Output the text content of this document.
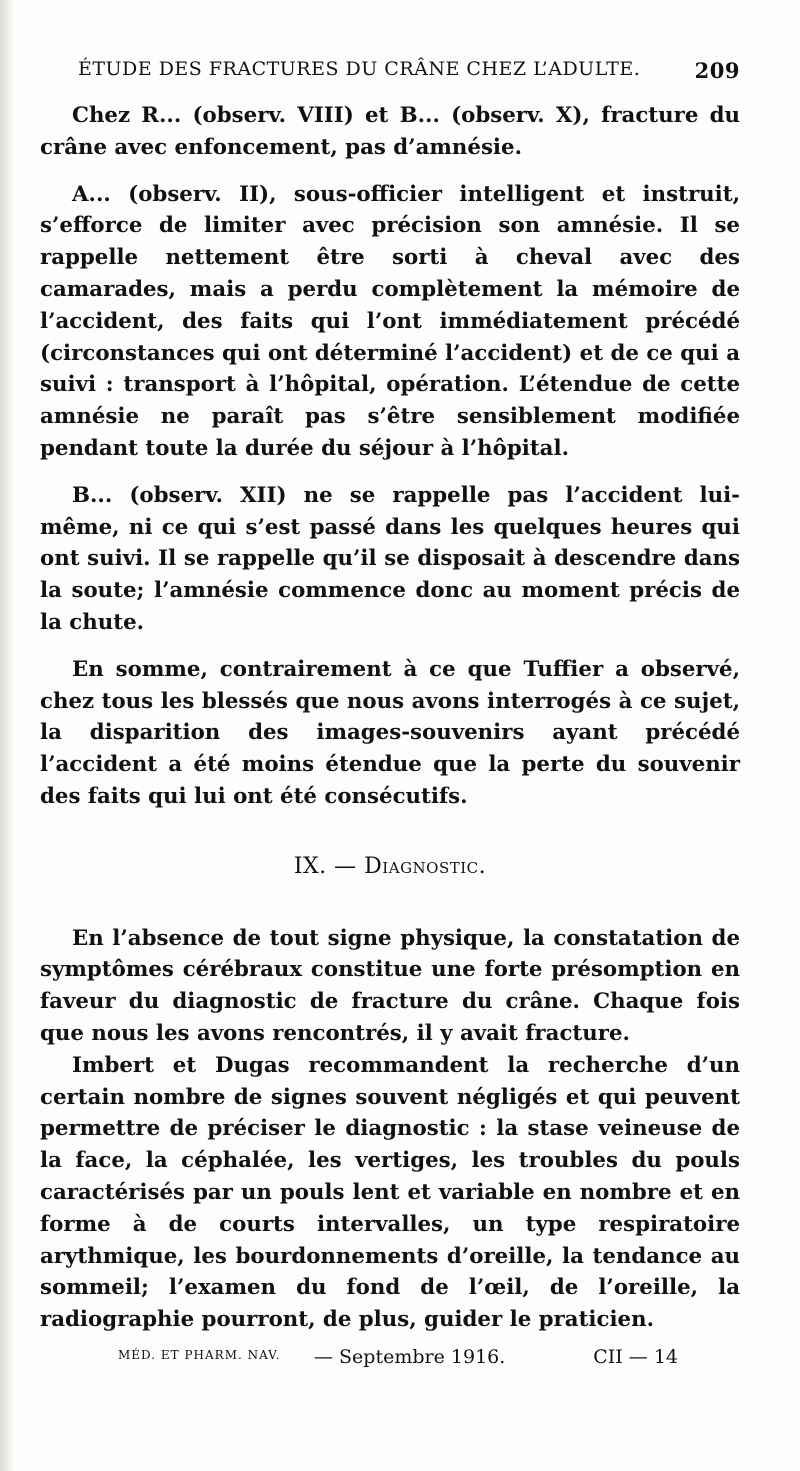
ÉTUDE DES FRACTURES DU CRÂNE CHEZ L’ADULTE.	209

Chez R... (observ. VIII) et B... (observ. X), fracture du crâne avec enfoncement, pas d’amnésie.

A... (observ. II), sous-officier intelligent et instruit, s’efforce de limiter avec précision son amnésie. Il se rappelle nettement être sorti à cheval avec des camarades, mais a perdu complètement la mémoire de l’accident, des faits qui l’ont immédiatement précédé (circonstances qui ont déterminé l’accident) et de ce qui a suivi : transport à l’hôpital, opération. L’étendue de cette amnésie ne paraît pas s’être sensiblement modifiée pendant toute la durée du séjour à l’hôpital.

B... (observ. XII) ne se rappelle pas l’accident lui-même, ni ce qui s’est passé dans les quelques heures qui ont suivi. Il se rappelle qu’il se disposait à descendre dans la soute; l’amnésie commence donc au moment précis de la chute.

En somme, contrairement à ce que Tuffier a observé, chez tous les blessés que nous avons interrogés à ce sujet, la disparition des images-souvenirs ayant précédé l’accident a été moins étendue que la perte du souvenir des faits qui lui ont été consécutifs.

IX. — Diagnostic.

En l’absence de tout signe physique, la constatation de symptômes cérébraux constitue une forte présomption en faveur du diagnostic de fracture du crâne. Chaque fois que nous les avons rencontrés, il y avait fracture.

Imbert et Dugas recommandent la recherche d’un certain nombre de signes souvent négligés et qui peuvent permettre de préciser le diagnostic : la stase veineuse de la face, la céphalée, les vertiges, les troubles du pouls caractérisés par un pouls lent et variable en nombre et en forme à de courts intervalles, un type respiratoire arythmique, les bourdonnements d’oreille, la tendance au sommeil; l’examen du fond de l’œil, de l’oreille, la radiographie pourront, de plus, guider le praticien.

MÉD. ET PHARM. NAV. — Septembre 1916.	CII — 14
